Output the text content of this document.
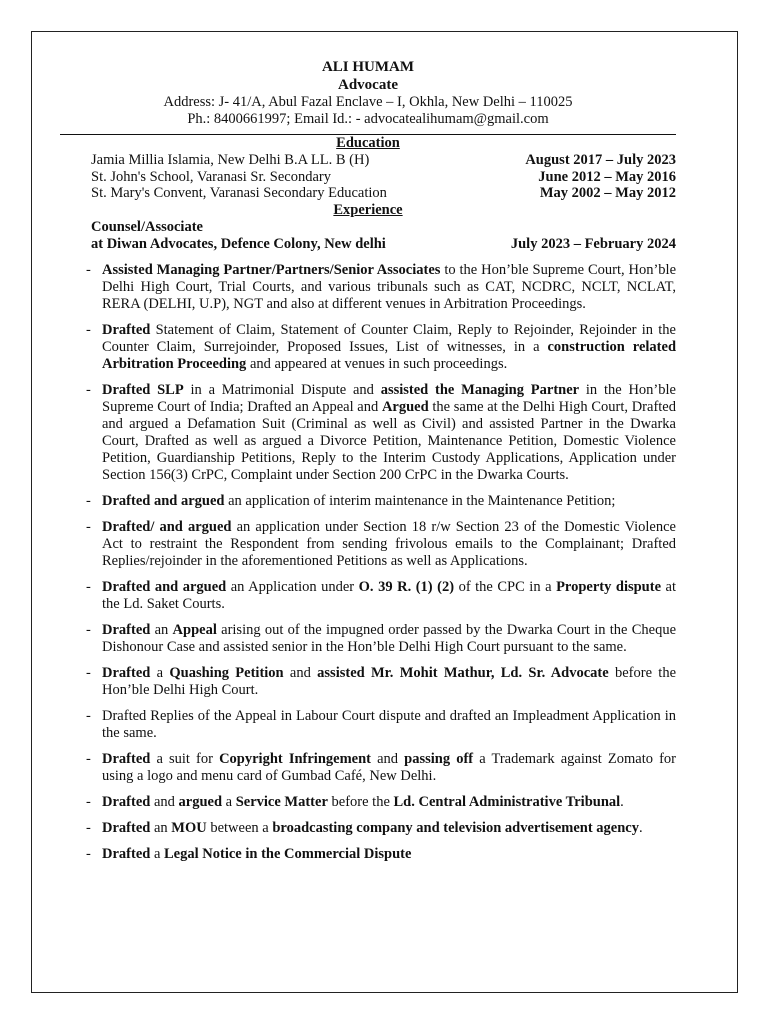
ALI HUMAM
Advocate
Address: J- 41/A, Abul Fazal Enclave – I, Okhla, New Delhi – 110025
Ph.: 8400661997; Email Id.: - advocatealihumam@gmail.com
Education
Jamia Millia Islamia, New Delhi B.A LL. B (H)	August 2017 – July 2023
St. John's School, Varanasi Sr. Secondary	June 2012 – May 2016
St. Mary's Convent, Varanasi Secondary Education	May 2002 – May 2012
Experience
Counsel/Associate
at Diwan Advocates, Defence Colony, New delhi	July 2023 – February 2024
- Assisted Managing Partner/Partners/Senior Associates to the Hon’ble Supreme Court, Hon’ble Delhi High Court, Trial Courts, and various tribunals such as CAT, NCDRC, NCLT, NCLAT, RERA (DELHI, U.P), NGT and also at different venues in Arbitration Proceedings.
- Drafted Statement of Claim, Statement of Counter Claim, Reply to Rejoinder, Rejoinder in the Counter Claim, Surrejoinder, Proposed Issues, List of witnesses, in a construction related Arbitration Proceeding and appeared at venues in such proceedings.
- Drafted SLP in a Matrimonial Dispute and assisted the Managing Partner in the Hon’ble Supreme Court of India; Drafted an Appeal and Argued the same at the Delhi High Court, Drafted and argued a Defamation Suit (Criminal as well as Civil) and assisted Partner in the Dwarka Court, Drafted as well as argued a Divorce Petition, Maintenance Petition, Domestic Violence Petition, Guardianship Petitions, Reply to the Interim Custody Applications, Application under Section 156(3) CrPC, Complaint under Section 200 CrPC in the Dwarka Courts.
- Drafted and argued an application of interim maintenance in the Maintenance Petition;
- Drafted/ and argued an application under Section 18 r/w Section 23 of the Domestic Violence Act to restraint the Respondent from sending frivolous emails to the Complainant; Drafted Replies/rejoinder in the aforementioned Petitions as well as Applications.
- Drafted and argued an Application under O. 39 R. (1) (2) of the CPC in a Property dispute at the Ld. Saket Courts.
- Drafted an Appeal arising out of the impugned order passed by the Dwarka Court in the Cheque Dishonour Case and assisted senior in the Hon’ble Delhi High Court pursuant to the same.
- Drafted a Quashing Petition and assisted Mr. Mohit Mathur, Ld. Sr. Advocate before the Hon’ble Delhi High Court.
- Drafted Replies of the Appeal in Labour Court dispute and drafted an Impleadment Application in the same.
- Drafted a suit for Copyright Infringement and passing off a Trademark against Zomato for using a logo and menu card of Gumbad Café, New Delhi.
- Drafted and argued a Service Matter before the Ld. Central Administrative Tribunal.
- Drafted an MOU between a broadcasting company and television advertisement agency.
- Drafted a Legal Notice in the Commercial Dispute
